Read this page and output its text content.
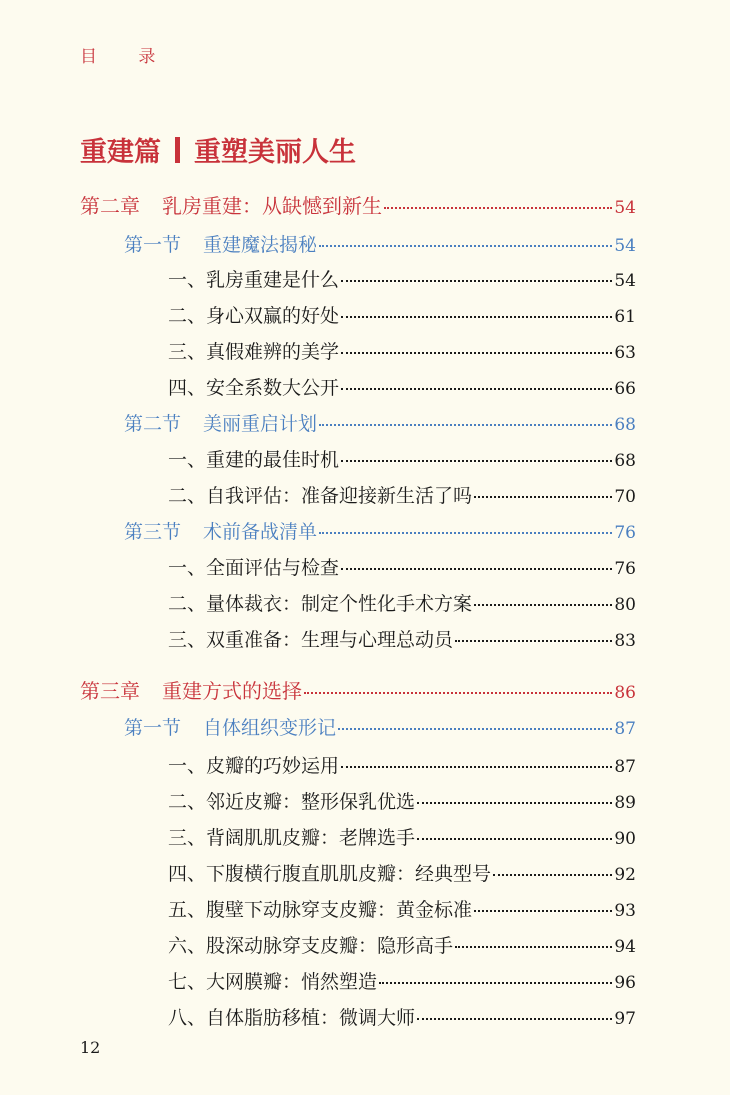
目 录
重建篇 重塑美丽人生
第二章 乳房重建：从缺憾到新生	54
第一节 重建魔法揭秘	54
一、乳房重建是什么	54
二、身心双赢的好处	61
三、真假难辨的美学	63
四、安全系数大公开	66
第二节 美丽重启计划	68
一、重建的最佳时机	68
二、自我评估：准备迎接新生活了吗	70
第三节 术前备战清单	76
一、全面评估与检查	76
二、量体裁衣：制定个性化手术方案	80
三、双重准备：生理与心理总动员	83
第三章 重建方式的选择	86
第一节 自体组织变形记	87
一、皮瓣的巧妙运用	87
二、邻近皮瓣：整形保乳优选	89
三、背阔肌肌皮瓣：老牌选手	90
四、下腹横行腹直肌肌皮瓣：经典型号	92
五、腹壁下动脉穿支皮瓣：黄金标准	93
六、股深动脉穿支皮瓣：隐形高手	94
七、大网膜瓣：悄然塑造	96
八、自体脂肪移植：微调大师	97
12
